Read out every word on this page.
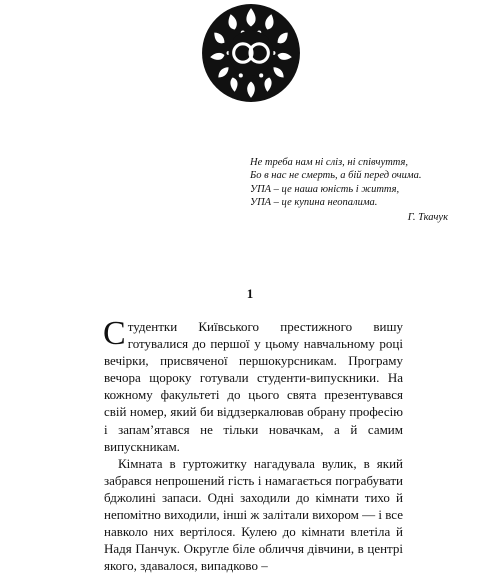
Не треба нам ні сліз, ні співчуття,
Бо в нас не смерть, а бій перед очима.
УПА – це наша юність і життя,
УПА – це купина неопалима.
Г. Ткачук
1

Студентки Київського престижного вишу готувалися до першої у цьому навчальному році вечірки, присвяченої першокурсникам. Програму вечора щороку готували студенти-випускники. На кожному факультеті до цього свята презентувався свій номер, який би віддзеркалював обрану професію і запам’ятався не тільки новачкам, а й самим випускникам.

Кімната в гуртожитку нагадувала вулик, в який забрався непрошений гість і намагається пограбувати бджолині запаси. Одні заходили до кімнати тихо й непомітно виходили, інші ж залітали вихором — і все навколо них вертілося. Кулею до кімнати влетіла й Надя Панчук. Округле біле обличчя дівчини, в центрі якого, здавалося, випадково –
